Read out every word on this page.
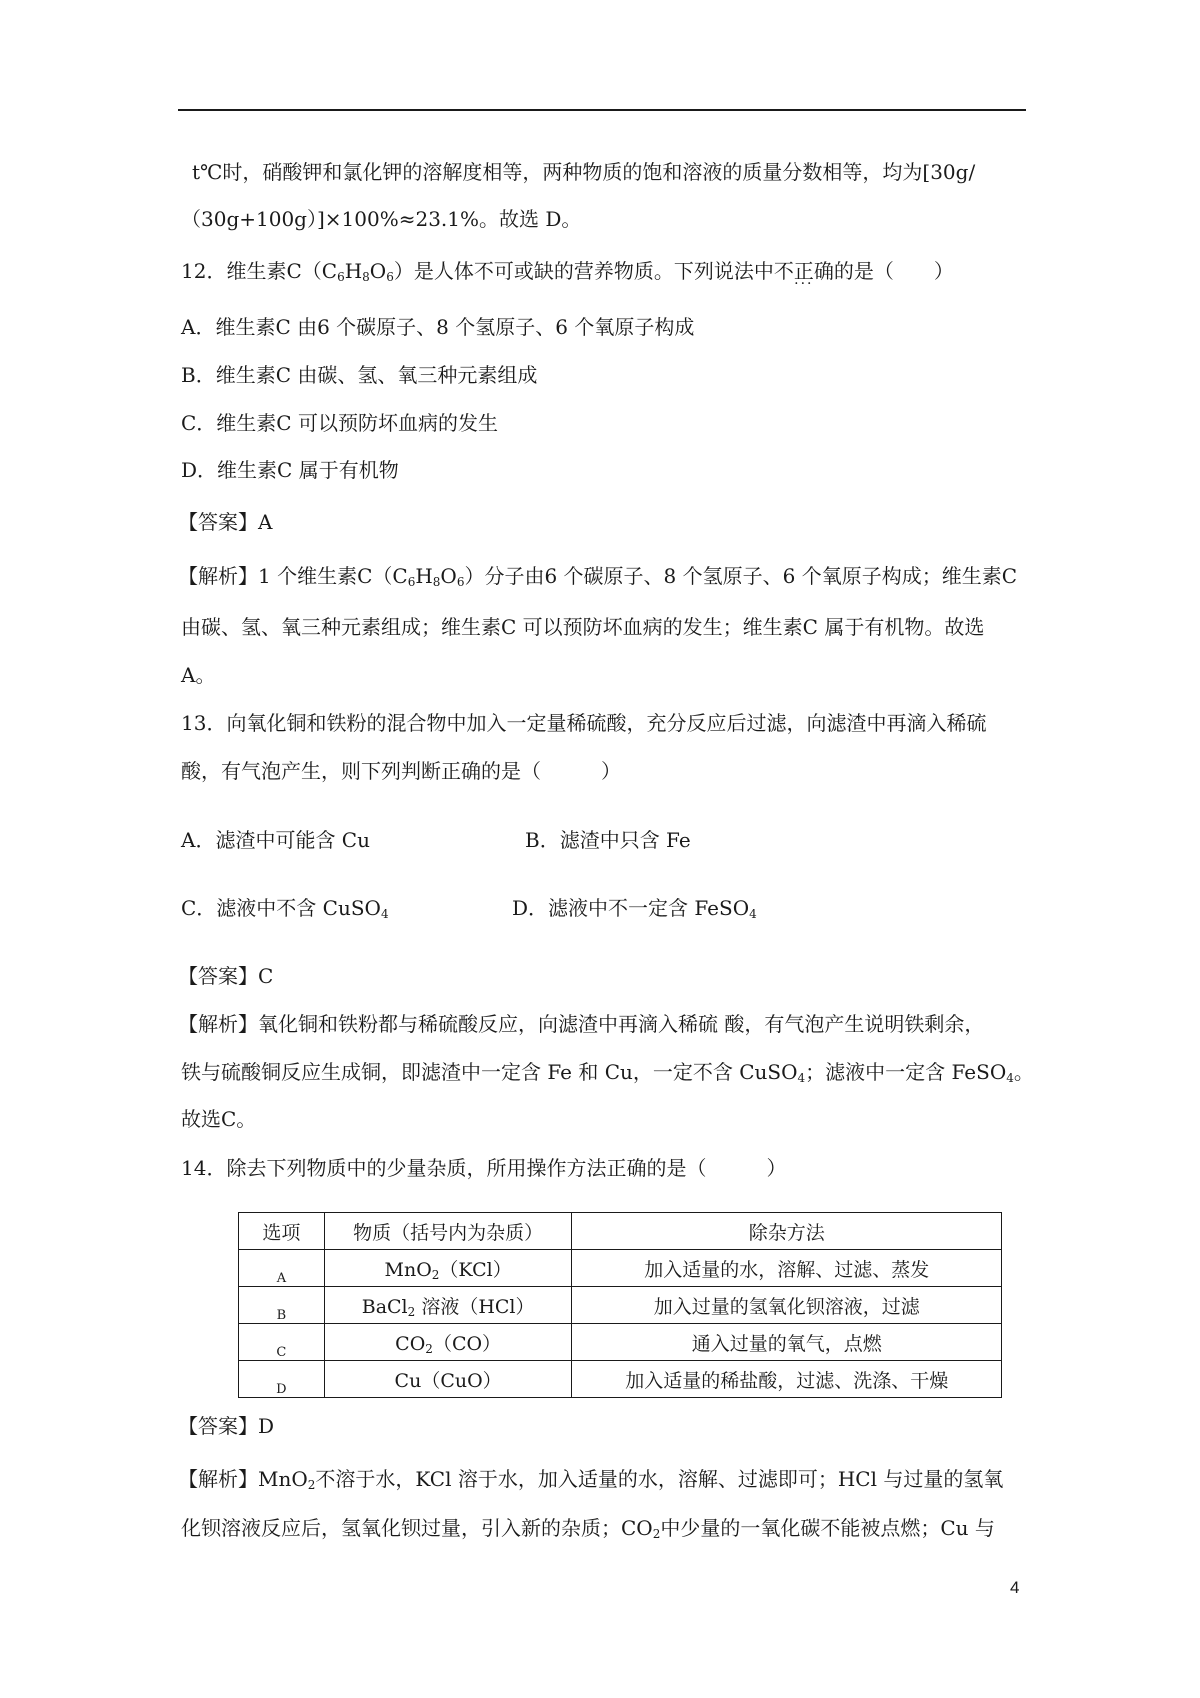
t℃时，硝酸钾和氯化钾的溶解度相等，两种物质的饱和溶液的质量分数相等，均为[30g/
（30g+100g）]×100%≈23.1%。故选 D。
12．维生素$C(C_6H_8O_6)$是人体不可或缺的营养物质。下列说法中不正确 ···的是（　　）
A．维生素C 由6 个碳原子、8 个氢原子、6 个氧原子构成
B．维生素C 由碳、氢、氧三种元素组成
C．维生素C 可以预防坏血病的发生
D．维生素C 属于有机物
【答案】A
【解析】1 个维生素$C(C_6H_8O_6)$分子由6 个碳原子、8 个氢原子、6 个氧原子构成；维生素C
由碳、氢、氧三种元素组成；维生素C 可以预防坏血病的发生；维生素C 属于有机物。故选
A。
13．向氧化铜和铁粉的混合物中加入一定量稀硫酸，充分反应后过滤，向滤渣中再滴入稀硫
酸，有气泡产生，则下列判断正确的是（　　　）
A．滤渣中可能含 Cu	B．滤渣中只含 Fe
C．滤液中不含 CuSO$_4$	D．滤液中不一定含 FeSO$_4$
【答案】C
【解析】氧化铜和铁粉都与稀硫酸反应，向滤渣中再滴入稀硫 酸，有气泡产生说明铁剩余，
铁与硫酸铜反应生成铜，即滤渣中一定含 Fe 和 Cu，一定不含 CuSO$_4$；滤液中一定含 FeSO$_4$。
故选C。
14．除去下列物质中的少量杂质，所用操作方法正确的是（　　　）
选项	物质（括号内为杂质）	除杂方法
A	MnO$_2$（KCl）	加入适量的水，溶解、过滤、蒸发
B	BaCl$_2$ 溶液（HCl）	加入过量的氢氧化钡溶液，过滤
C	$CO_2(CO)$	通入过量的氧气，点燃
D	Cu（CuO）	加入适量的稀盐酸，过滤、洗涤、干燥
【答案】D
【解析】MnO$_2$不溶于水，KCl 溶于水，加入适量的水，溶解、过滤即可；HCl 与过量的氢氧
化钡溶液反应后，氢氧化钡过量，引入新的杂质；$CO_2$中少量的一氧化碳不能被点燃；Cu 与
4
